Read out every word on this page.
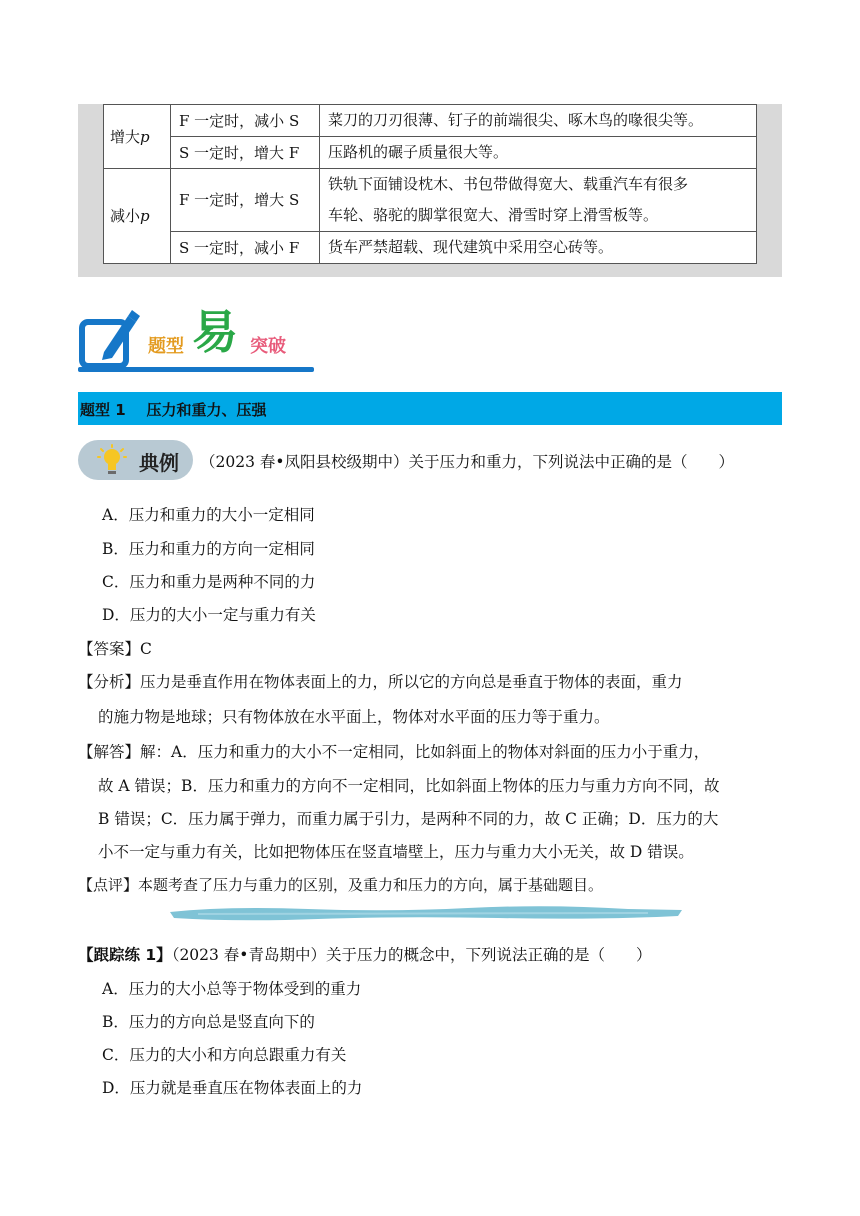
增大p	F 一定时，减小 S	菜刀的刀刃很薄、钉子的前端很尖、啄木鸟的喙很尖等。
	S 一定时，增大 F	压路机的碾子质量很大等。
减小p	F 一定时，增大 S	铁轨下面铺设枕木、书包带做得宽大、载重汽车有很多
车轮、骆驼的脚掌很宽大、滑雪时穿上滑雪板等。

	S 一定时，减小 F	货车严禁超载、现代建筑中采用空心砖等。
题型 易 突破
题型 1    压力和重力、压强
典例 （2023 春•凤阳县校级期中）关于压力和重力，下列说法中正确的是（　　）
A．压力和重力的大小一定相同
B．压力和重力的方向一定相同
C．压力和重力是两种不同的力
D．压力的大小一定与重力有关
【答案】C
【分析】压力是垂直作用在物体表面上的力，所以它的方向总是垂直于物体的表面，重力
的施力物是地球；只有物体放在水平面上，物体对水平面的压力等于重力。
【解答】解：A．压力和重力的大小不一定相同，比如斜面上的物体对斜面的压力小于重力，
故 A 错误；B．压力和重力的方向不一定相同，比如斜面上物体的压力与重力方向不同，故
B 错误；C．压力属于弹力，而重力属于引力，是两种不同的力，故 C 正确；D．压力的大
小不一定与重力有关，比如把物体压在竖直墙壁上，压力与重力大小无关，故 D 错误。
【点评】本题考查了压力与重力的区别，及重力和压力的方向，属于基础题目。
【跟踪练 1】（2023 春•青岛期中）关于压力的概念中，下列说法正确的是（　　）
A．压力的大小总等于物体受到的重力
B．压力的方向总是竖直向下的
C．压力的大小和方向总跟重力有关
D．压力就是垂直压在物体表面上的力
